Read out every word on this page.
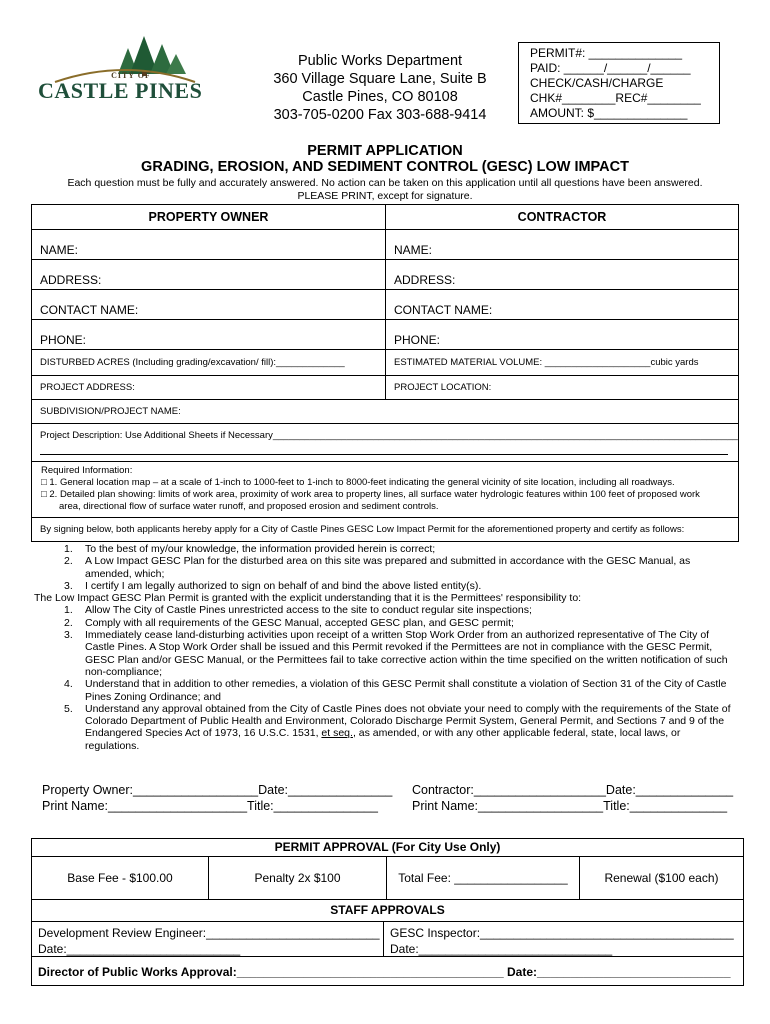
CITY OF
CASTLE PINES
Public Works Department
360 Village Square Lane, Suite B
Castle Pines, CO 80108
303-705-0200 Fax 303-688-9414
PERMIT#: ______________
PAID: ______/______/______
CHECK/CASH/CHARGE
CHK#________REC#________
AMOUNT: $______________
PERMIT APPLICATION
GRADING, EROSION, AND SEDIMENT CONTROL (GESC) LOW IMPACT
Each question must be fully and accurately answered. No action can be taken on this application until all questions have been answered.
PLEASE PRINT, except for signature.
PROPERTY OWNER	CONTRACTOR
NAME:	NAME:
ADDRESS:	ADDRESS:
CONTACT NAME:	CONTACT NAME:
PHONE:	PHONE:
DISTURBED ACRES (Including grading/excavation/ fill):_____________	ESTIMATED MATERIAL VOLUME: ____________________cubic yards
PROJECT ADDRESS:	PROJECT LOCATION:
SUBDIVISION/PROJECT NAME:
Project Description: Use Additional Sheets if Necessary________________________________________________________________________________________
Required Information:
□ 1. General location map – at a scale of 1-inch to 1000-feet to 1-inch to 8000-feet indicating the general vicinity of site location, including all roadways.
□ 2. Detailed plan showing: limits of work area, proximity of work area to property lines, all surface water hydrologic features within 100 feet of proposed work
area, directional flow of surface water runoff, and proposed erosion and sediment controls.
By signing below, both applicants hereby apply for a City of Castle Pines GESC Low Impact Permit for the aforementioned property and certify as follows:
1. To the best of my/our knowledge, the information provided herein is correct;
2. A Low Impact GESC Plan for the disturbed area on this site was prepared and submitted in accordance with the GESC Manual, as amended, which;
3. I certify I am legally authorized to sign on behalf of and bind the above listed entity(s).
The Low Impact GESC Plan Permit is granted with the explicit understanding that it is the Permittees' responsibility to:
1. Allow The City of Castle Pines unrestricted access to the site to conduct regular site inspections;
2. Comply with all requirements of the GESC Manual, accepted GESC plan, and GESC permit;
3. Immediately cease land-disturbing activities upon receipt of a written Stop Work Order from an authorized representative of The City of Castle Pines. A Stop Work Order shall be issued and this Permit revoked if the Permittees are not in compliance with the GESC Permit, GESC Plan and/or GESC Manual, or the Permittees fail to take corrective action within the time specified on the written notification of such non-compliance;
4. Understand that in addition to other remedies, a violation of this GESC Permit shall constitute a violation of Section 31 of the City of Castle Pines Zoning Ordinance; and
5. Understand any approval obtained from the City of Castle Pines does not obviate your need to comply with the requirements of the State of Colorado Department of Public Health and Environment, Colorado Discharge Permit System, General Permit, and Sections 7 and 9 of the Endangered Species Act of 1973, 16 U.S.C. 1531, et seq., as amended, or with any other applicable federal, state, local laws, or regulations.
Property Owner:__________________Date:_______________
Print Name:____________________Title:_______________
Contractor:___________________Date:______________
Print Name:__________________Title:______________
PERMIT APPROVAL (For City Use Only)
Base Fee - $100.00	Penalty 2x $100	Total Fee: _________________	Renewal ($100 each)
STAFF APPROVALS
Development Review Engineer:__________________________
Date:__________________________
GESC Inspector:______________________________________
Date:_____________________________
Director of Public Works Approval:________________________________________ Date:_____________________________
